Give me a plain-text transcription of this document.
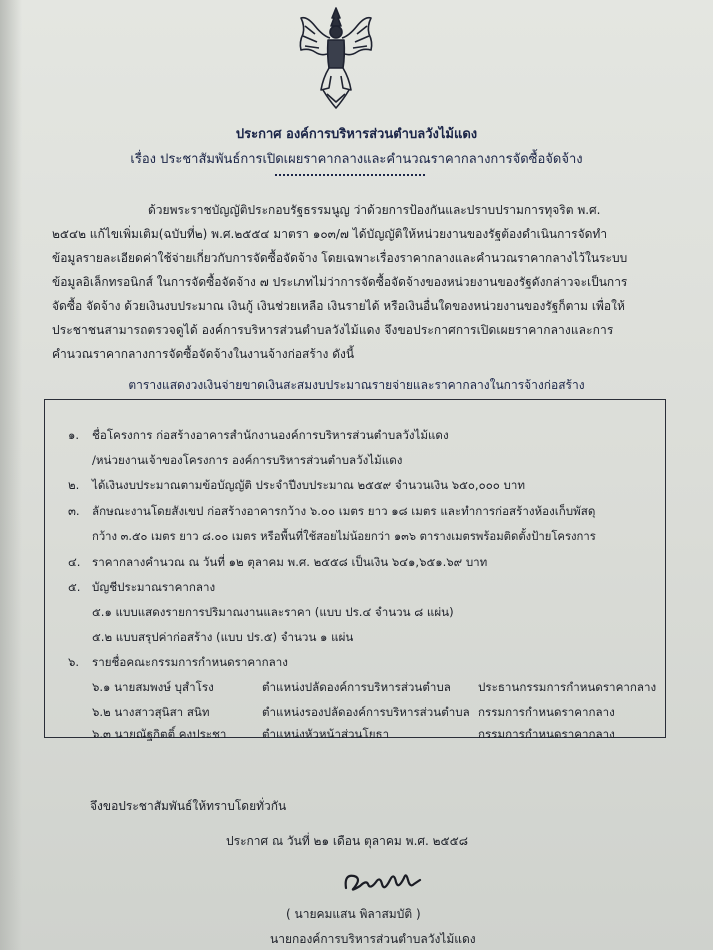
ประกาศ องค์การบริหารส่วนตำบลวังไม้แดง
เรื่อง ประชาสัมพันธ์การเปิดเผยราคากลางและคำนวณราคากลางการจัดซื้อจัดจ้าง
ด้วยพระราชบัญญัติประกอบรัฐธรรมนูญ ว่าด้วยการป้องกันและปราบปรามการทุจริต พ.ศ.
๒๕๔๒ แก้ไขเพิ่มเติม(ฉบับที่๒) พ.ศ.๒๕๕๔ มาตรา ๑๐๓/๗ ได้บัญญัติให้หน่วยงานของรัฐต้องดำเนินการจัดทำ
ข้อมูลรายละเอียดค่าใช้จ่ายเกี่ยวกับการจัดซื้อจัดจ้าง โดยเฉพาะเรื่องราคากลางและคำนวณราคากลางไว้ในระบบ
ข้อมูลอิเล็กทรอนิกส์ ในการจัดซื้อจัดจ้าง ๗ ประเภทไม่ว่าการจัดซื้อจัดจ้างของหน่วยงานของรัฐดังกล่าวจะเป็นการ
จัดซื้อ จัดจ้าง ด้วยเงินงบประมาณ เงินกู้ เงินช่วยเหลือ เงินรายได้ หรือเงินอื่นใดของหน่วยงานของรัฐก็ตาม เพื่อให้
ประชาชนสามารถตรวจดูได้ องค์การบริหารส่วนตำบลวังไม้แดง จึงขอประกาศการเปิดเผยราคากลางและการ
คำนวณราคากลางการจัดซื้อจัดจ้างในงานจ้างก่อสร้าง ดังนี้
ตารางแสดงวงเงินจ่ายขาดเงินสะสมงบประมาณรายจ่ายและราคากลางในการจ้างก่อสร้าง
๑. ชื่อโครงการ ก่อสร้างอาคารสำนักงานองค์การบริหารส่วนตำบลวังไม้แดง
/หน่วยงานเจ้าของโครงการ องค์การบริหารส่วนตำบลวังไม้แดง
๒. ได้เงินงบประมาณตามข้อบัญญัติ ประจำปีงบประมาณ ๒๕๕๙ จำนวนเงิน ๖๕๐,๐๐๐ บาท
๓. ลักษณะงานโดยสังเขป ก่อสร้างอาคารกว้าง ๖.๐๐ เมตร ยาว ๑๘ เมตร และทำการก่อสร้างห้องเก็บพัสดุ
กว้าง ๓.๕๐ เมตร ยาว ๘.๐๐ เมตร หรือพื้นที่ใช้สอยไม่น้อยกว่า ๑๓๖ ตารางเมตรพร้อมติดตั้งป้ายโครงการ
๔. ราคากลางคำนวณ ณ วันที่ ๑๒ ตุลาคม พ.ศ. ๒๕๕๘ เป็นเงิน ๖๔๑,๖๕๑.๖๙ บาท
๕. บัญชีประมาณราคากลาง
๕.๑ แบบแสดงรายการปริมาณงานและราคา (แบบ ปร.๔ จำนวน ๘ แผ่น)
๕.๒ แบบสรุปค่าก่อสร้าง (แบบ ปร.๕) จำนวน ๑ แผ่น
๖. รายชื่อคณะกรรมการกำหนดราคากลาง
๖.๑ นายสมพงษ์ บุสำโรง	ตำแหน่งปลัดองค์การบริหารส่วนตำบล ประธานกรรมการกำหนดราคากลาง
๖.๒ นางสาวสุนิสา สนิท	ตำแหน่งรองปลัดองค์การบริหารส่วนตำบล กรรมการกำหนดราคากลาง
๖.๓ นายณัฐกิตติ์ คงประชา	ตำแหน่งหัวหน้าส่วนโยธา	กรรมการกำหนดราคากลาง
จึงขอประชาสัมพันธ์ให้ทราบโดยทั่วกัน
ประกาศ ณ วันที่ ๒๑ เดือน ตุลาคม พ.ศ. ๒๕๕๘
( นายคมแสน พิลาสมบัติ )
นายกองค์การบริหารส่วนตำบลวังไม้แดง
